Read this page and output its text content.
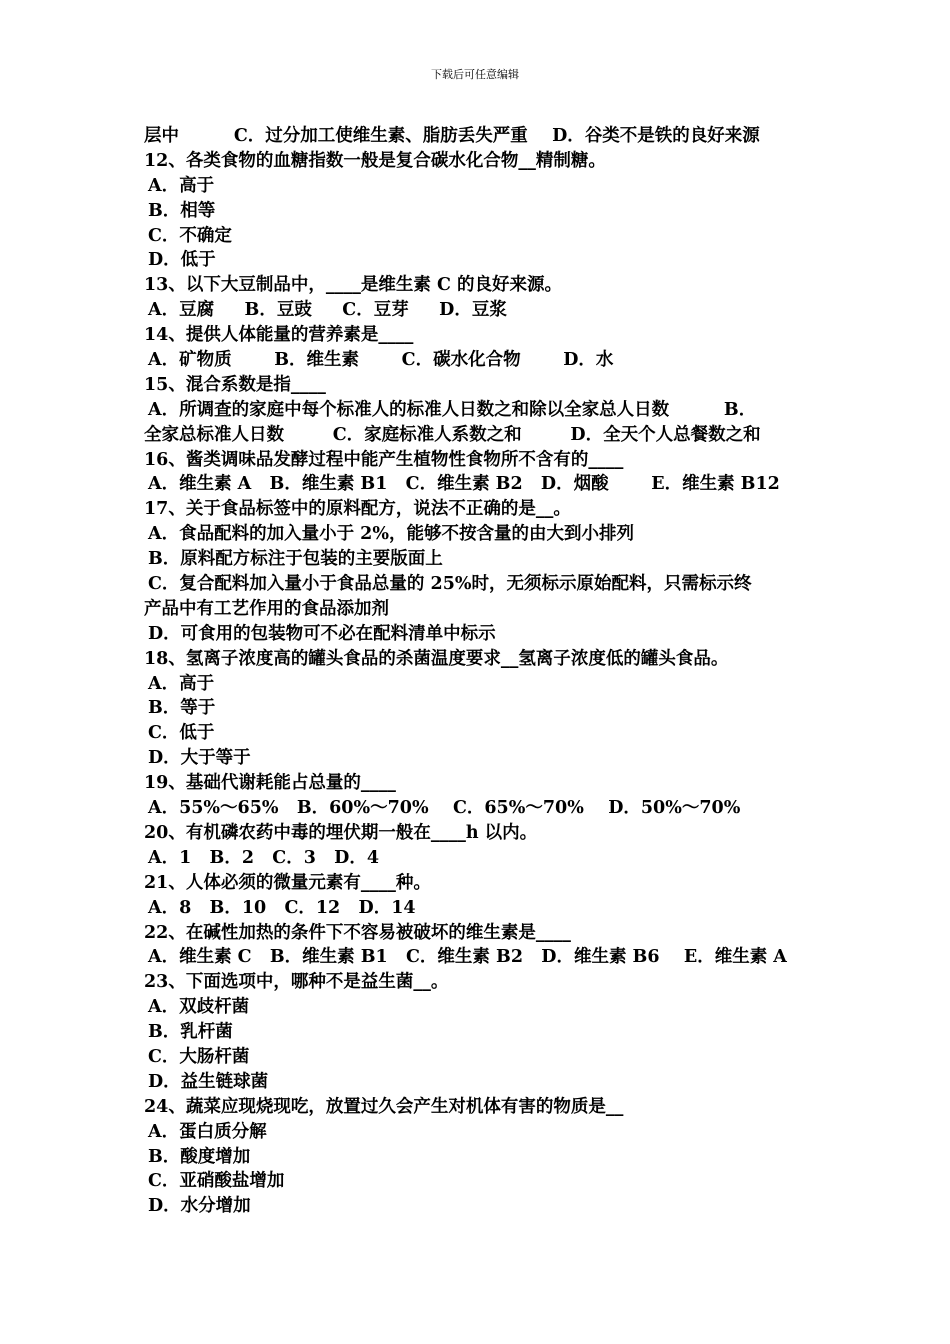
下载后可任意编辑
层中         C．过分加工使维生素、脂肪丢失严重    D．谷类不是铁的良好来源
12、各类食物的血糖指数一般是复合碳水化合物__精制糖。
A．高于
B．相等
C．不确定
D．低于
13、以下大豆制品中，____是维生素 C 的良好来源。
A．豆腐     B．豆豉     C．豆芽     D．豆浆
14、提供人体能量的营养素是____
A．矿物质       B．维生素       C．碳水化合物       D．水
15、混合系数是指____
A．所调查的家庭中每个标准人的标准人日数之和除以全家总人日数         B．
全家总标准人日数        C．家庭标准人系数之和        D．全天个人总餐数之和
16、酱类调味品发酵过程中能产生植物性食物所不含有的____
A．维生素 A   B．维生素 B1   C．维生素 B2   D．烟酸       E．维生素 B12
17、关于食品标签中的原料配方，说法不正确的是__。
A．食品配料的加入量小于 2%，能够不按含量的由大到小排列
B．原料配方标注于包装的主要版面上
C．复合配料加入量小于食品总量的 25%时，无须标示原始配料，只需标示终
产品中有工艺作用的食品添加剂
D．可食用的包装物可不必在配料清单中标示
18、氢离子浓度高的罐头食品的杀菌温度要求__氢离子浓度低的罐头食品。
A．高于
B．等于
C．低于
D．大于等于
19、基础代谢耗能占总量的____
A．55%～65%   B．60%～70%    C．65%～70%    D．50%～70%
20、有机磷农药中毒的埋伏期一般在____h 以内。
A．1   B．2   C．3   D．4
21、人体必须的微量元素有____种。
A．8   B．10   C．12   D．14
22、在碱性加热的条件下不容易被破坏的维生素是____
A．维生素 C   B．维生素 B1   C．维生素 B2   D．维生素 B6    E．维生素 A
23、下面选项中，哪种不是益生菌__。
A．双歧杆菌
B．乳杆菌
C．大肠杆菌
D．益生链球菌
24、蔬菜应现烧现吃，放置过久会产生对机体有害的物质是__
A．蛋白质分解
B．酸度增加
C．亚硝酸盐增加
D．水分增加
